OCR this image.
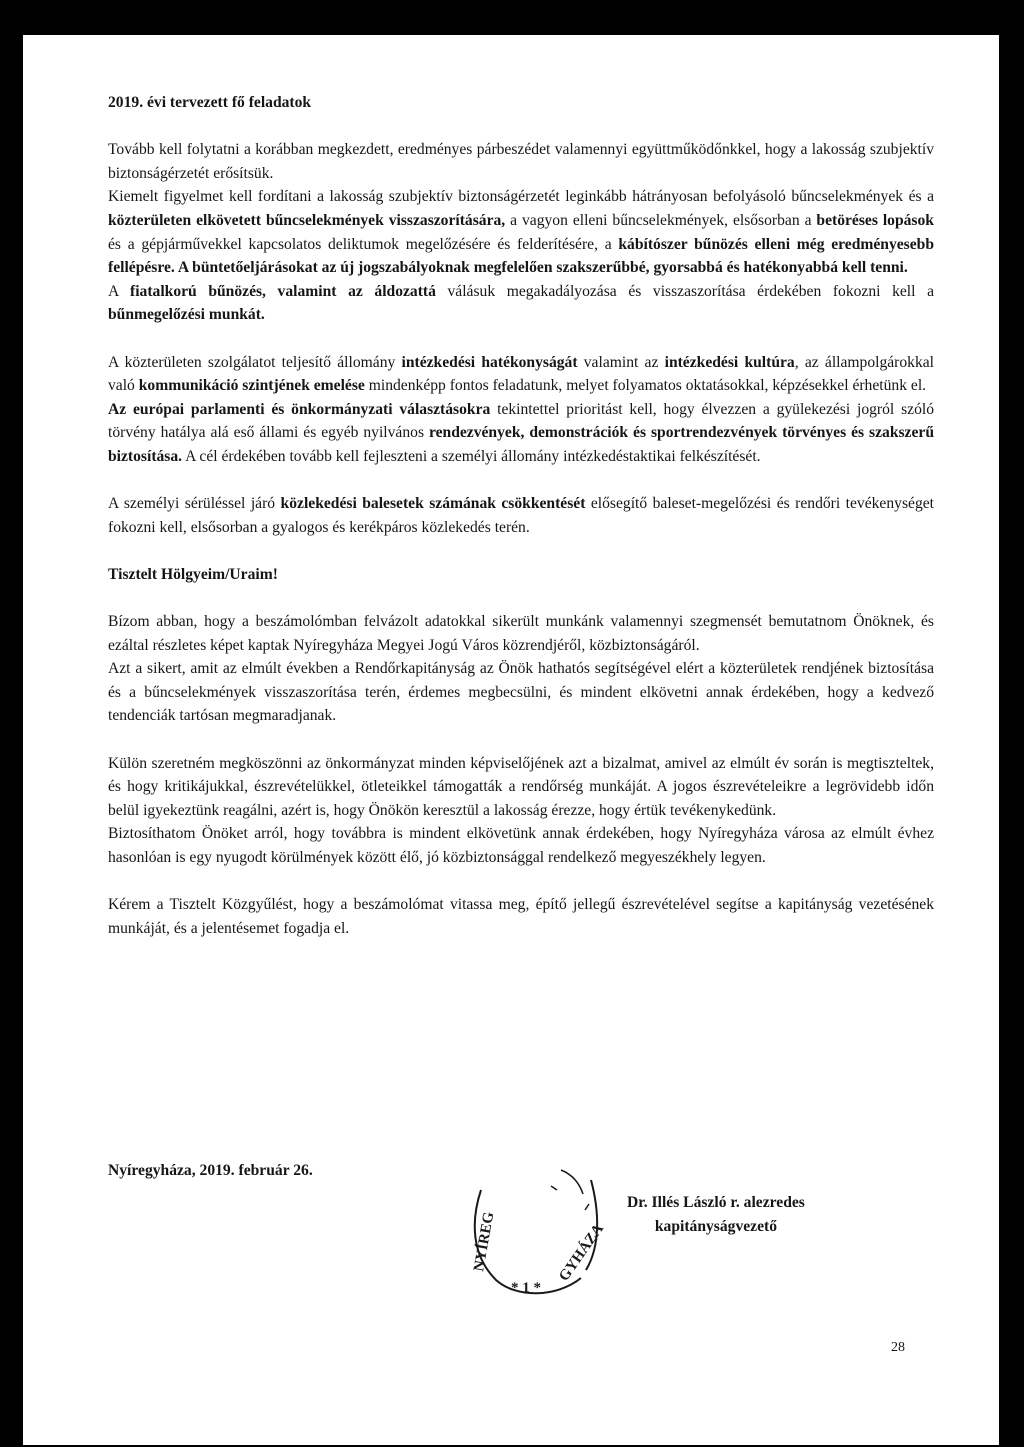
2019. évi tervezett fő feladatok

Tovább kell folytatni a korábban megkezdett, eredményes párbeszédet valamennyi együttműködőnkkel, hogy a lakosság szubjektív biztonságérzetét erősítsük.

Kiemelt figyelmet kell fordítani a lakosság szubjektív biztonságérzetét leginkább hátrányosan befolyásoló bűncselekmények és a közterületen elkövetett bűncselekmények visszaszorítására, a vagyon elleni bűncselekmények, elsősorban a betöréses lopások és a gépjárművekkel kapcsolatos deliktumok megelőzésére és felderítésére, a kábítószer bűnözés elleni még eredményesebb fellépésre. A büntetőeljárásokat az új jogszabályoknak megfelelően szakszerűbbé, gyorsabbá és hatékonyabbá kell tenni.

A fiatalkorú bűnözés, valamint az áldozattá válásuk megakadályozása és visszaszorítása érdekében fokozni kell a bűnmegelőzési munkát.

A közterületen szolgálatot teljesítő állomány intézkedési hatékonyságát valamint az intézkedési kultúra, az állampolgárokkal való kommunikáció szintjének emelése mindenképp fontos feladatunk, melyet folyamatos oktatásokkal, képzésekkel érhetünk el.

Az európai parlamenti és önkormányzati választásokra tekintettel prioritást kell, hogy élvezzen a gyülekezési jogról szóló törvény hatálya alá eső állami és egyéb nyilvános rendezvények, demonstrációk és sportrendezvények törvényes és szakszerű biztosítása. A cél érdekében tovább kell fejleszteni a személyi állomány intézkedéstaktikai felkészítését.

A személyi sérüléssel járó közlekedési balesetek számának csökkentését elősegítő baleset-megelőzési és rendőri tevékenységet fokozni kell, elsősorban a gyalogos és kerékpáros közlekedés terén.

Tisztelt Hölgyeim/Uraim!

Bízom abban, hogy a beszámolómban felvázolt adatokkal sikerült munkánk valamennyi szegmensét bemutatnom Önöknek, és ezáltal részletes képet kaptak Nyíregyháza Megyei Jogú Város közrendjéről, közbiztonságáról.

Azt a sikert, amit az elmúlt években a Rendőrkapitányság az Önök hathatós segítségével elért a közterületek rendjének biztosítása és a bűncselekmények visszaszorítása terén, érdemes megbecsülni, és mindent elkövetni annak érdekében, hogy a kedvező tendenciák tartósan megmaradjanak.

Külön szeretném megköszönni az önkormányzat minden képviselőjének azt a bizalmat, amivel az elmúlt év során is megtiszteltek, és hogy kritikájukkal, észrevételükkel, ötleteikkel támogatták a rendőrség munkáját. A jogos észrevételeikre a legrövidebb időn belül igyekeztünk reagálni, azért is, hogy Önökön keresztül a lakosság érezze, hogy értük tevékenykedünk.

Biztosíthatom Önöket arról, hogy továbbra is mindent elkövetünk annak érdekében, hogy Nyíregyháza városa az elmúlt évhez hasonlóan is egy nyugodt körülmények között élő, jó közbiztonsággal rendelkező megyeszékhely legyen.

Kérem a Tisztelt Közgyűlést, hogy a beszámolómat vitassa meg, építő jellegű észrevételével segítse a kapitányság vezetésének munkáját, és a jelentésemet fogadja el.

Nyíregyháza, 2019. február 26.
NYÍREG	GYHÁZA
* 1 *
Dr. Illés László r. alezredes
kapitányságvezető
28
